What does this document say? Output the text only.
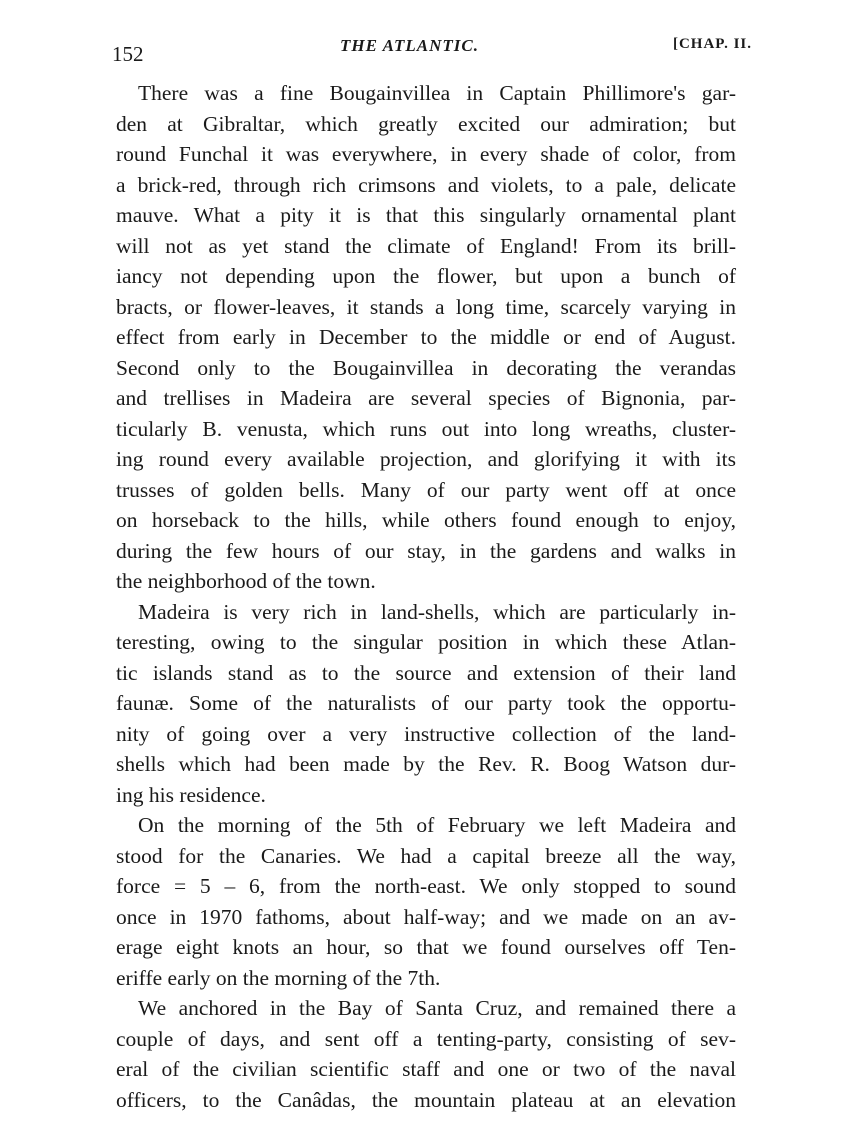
152	THE ATLANTIC.	[CHAP. II.
There was a fine Bougainvillea in Captain Phillimore's gar-
den at Gibraltar, which greatly excited our admiration; but
round Funchal it was everywhere, in every shade of color, from
a brick-red, through rich crimsons and violets, to a pale, delicate
mauve. What a pity it is that this singularly ornamental plant
will not as yet stand the climate of England! From its brill-
iancy not depending upon the flower, but upon a bunch of
bracts, or flower-leaves, it stands a long time, scarcely varying in
effect from early in December to the middle or end of August.
Second only to the Bougainvillea in decorating the verandas
and trellises in Madeira are several species of Bignonia, par-
ticularly B. venusta, which runs out into long wreaths, cluster-
ing round every available projection, and glorifying it with its
trusses of golden bells. Many of our party went off at once
on horseback to the hills, while others found enough to enjoy,
during the few hours of our stay, in the gardens and walks in
the neighborhood of the town.
Madeira is very rich in land-shells, which are particularly in-
teresting, owing to the singular position in which these Atlan-
tic islands stand as to the source and extension of their land
faunæ. Some of the naturalists of our party took the opportu-
nity of going over a very instructive collection of the land-
shells which had been made by the Rev. R. Boog Watson dur-
ing his residence.
On the morning of the 5th of February we left Madeira and
stood for the Canaries. We had a capital breeze all the way,
force = 5 – 6, from the north-east. We only stopped to sound
once in 1970 fathoms, about half-way; and we made on an av-
erage eight knots an hour, so that we found ourselves off Ten-
eriffe early on the morning of the 7th.
We anchored in the Bay of Santa Cruz, and remained there a
couple of days, and sent off a tenting-party, consisting of sev-
eral of the civilian scientific staff and one or two of the naval
officers, to the Canâdas, the mountain plateau at an elevation
